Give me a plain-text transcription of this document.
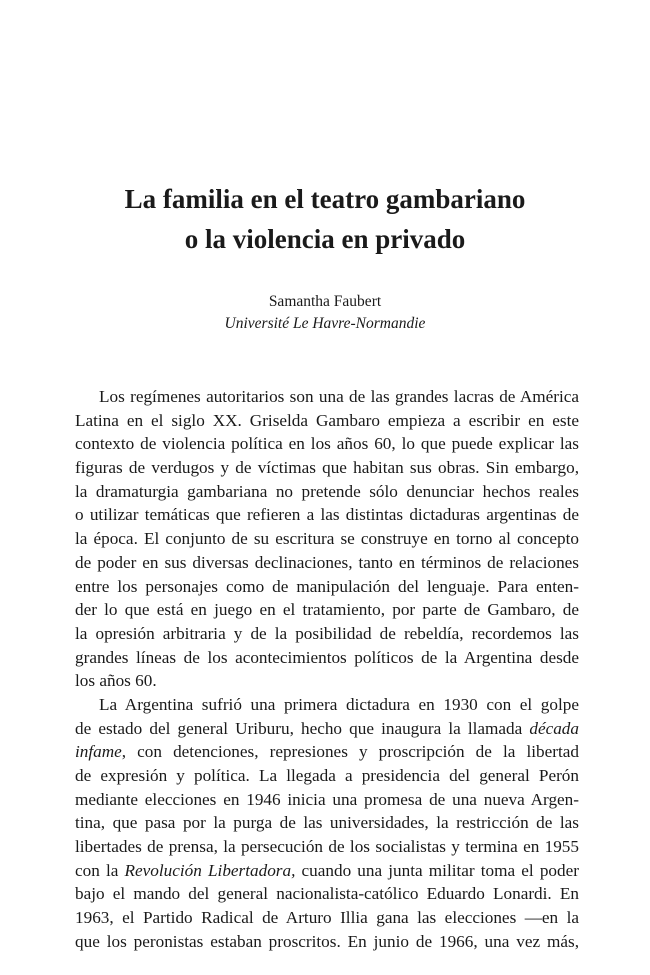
La familia en el teatro gambariano
o la violencia en privado
Samantha Faubert
Université Le Havre-Normandie
Los regímenes autoritarios son una de las grandes lacras de América
Latina en el siglo XX. Griselda Gambaro empieza a escribir en este
contexto de violencia política en los años 60, lo que puede explicar las
figuras de verdugos y de víctimas que habitan sus obras. Sin embargo,
la dramaturgia gambariana no pretende sólo denunciar hechos reales
o utilizar temáticas que refieren a las distintas dictaduras argentinas de
la época. El conjunto de su escritura se construye en torno al concepto
de poder en sus diversas declinaciones, tanto en términos de relaciones
entre los personajes como de manipulación del lenguaje. Para enten-
der lo que está en juego en el tratamiento, por parte de Gambaro, de
la opresión arbitraria y de la posibilidad de rebeldía, recordemos las
grandes líneas de los acontecimientos políticos de la Argentina desde
los años 60.
La Argentina sufrió una primera dictadura en 1930 con el golpe
de estado del general Uriburu, hecho que inaugura la llamada década
infame, con detenciones, represiones y proscripción de la libertad
de expresión y política. La llegada a presidencia del general Perón
mediante elecciones en 1946 inicia una promesa de una nueva Argen-
tina, que pasa por la purga de las universidades, la restricción de las
libertades de prensa, la persecución de los socialistas y termina en 1955
con la Revolución Libertadora, cuando una junta militar toma el poder
bajo el mando del general nacionalista-católico Eduardo Lonardi. En
1963, el Partido Radical de Arturo Illia gana las elecciones —en la
que los peronistas estaban proscritos. En junio de 1966, una vez más,
